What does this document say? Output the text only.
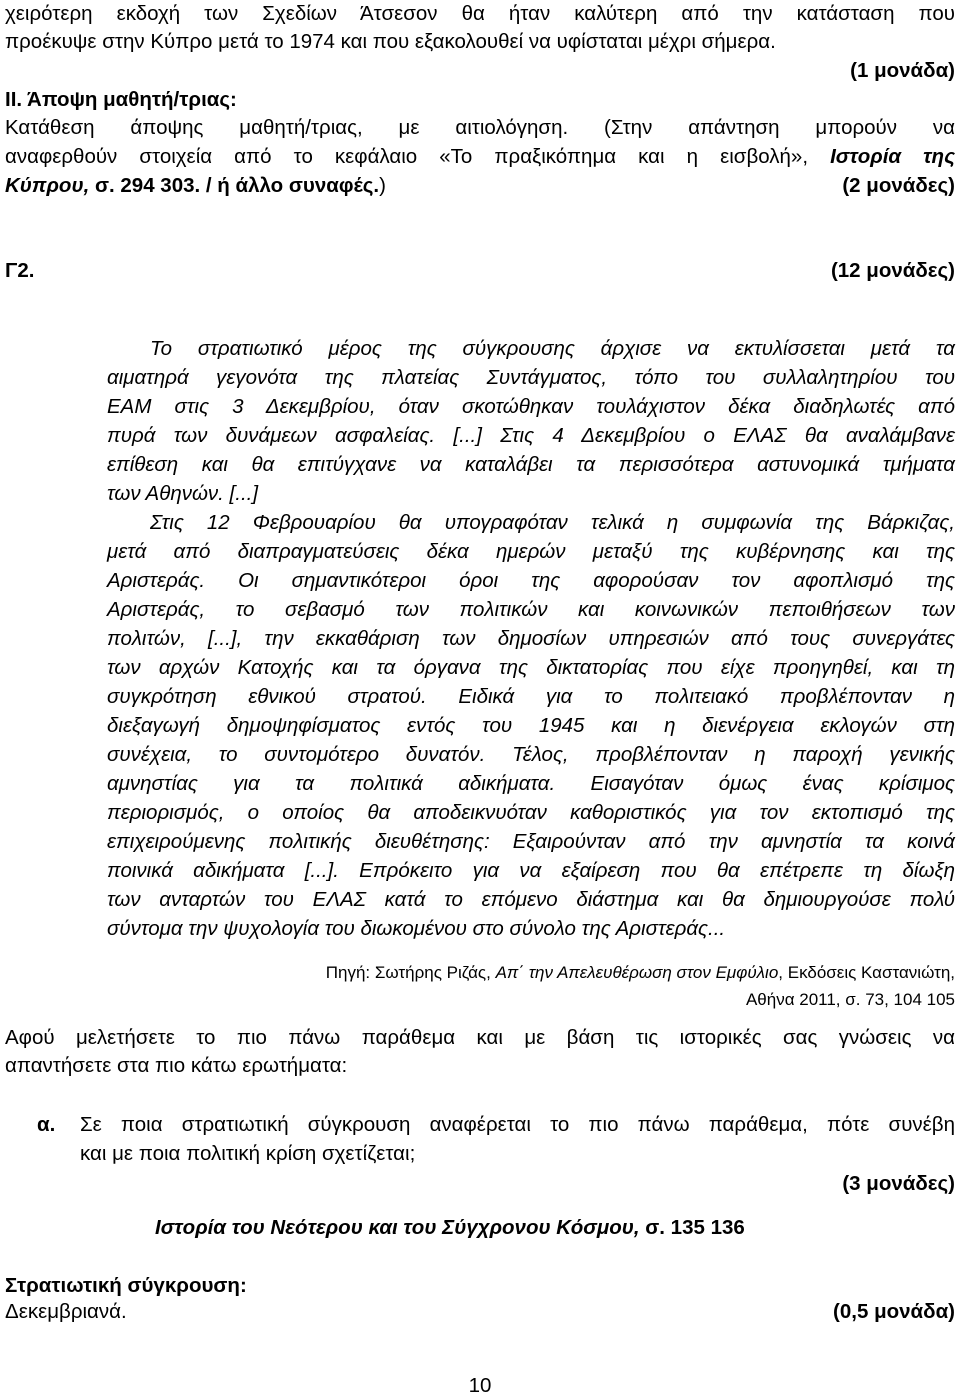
χειρότερη εκδοχή των Σχεδίων Άτσεσον θα ήταν καλύτερη από την κατάσταση που
προέκυψε στην Κύπρο μετά το 1974 και που εξακολουθεί να υφίσταται μέχρι σήμερα.
(1 μονάδα)
ΙΙ. Άποψη μαθητή/τριας:
Κατάθεση άποψης μαθητή/τριας, με αιτιολόγηση. (Στην απάντηση μπορούν να
αναφερθούν στοιχεία από το κεφάλαιο «Το πραξικόπημα και η εισβολή», Ιστορία της
Κύπρου, σ. 294 303. / ή άλλο συναφές.)	(2 μονάδες)
Γ2.	(12 μονάδες)
Το στρατιωτικό μέρος της σύγκρουσης άρχισε να εκτυλίσσεται μετά τα
αιματηρά γεγονότα της πλατείας Συντάγματος, τόπο του συλλαλητηρίου του
ΕΑΜ στις 3 Δεκεμβρίου, όταν σκοτώθηκαν τουλάχιστον δέκα διαδηλωτές από
πυρά των δυνάμεων ασφαλείας. [...] Στις 4 Δεκεμβρίου ο ΕΛΑΣ θα αναλάμβανε
επίθεση και θα επιτύγχανε να καταλάβει τα περισσότερα αστυνομικά τμήματα
των Αθηνών. [...]
Στις 12 Φεβρουαρίου θα υπογραφόταν τελικά η συμφωνία της Βάρκιζας,
μετά από διαπραγματεύσεις δέκα ημερών μεταξύ της κυβέρνησης και της
Αριστεράς. Οι σημαντικότεροι όροι της αφορούσαν τον αφοπλισμό της
Αριστεράς, το σεβασμό των πολιτικών και κοινωνικών πεποιθήσεων των
πολιτών, [...], την εκκαθάριση των δημοσίων υπηρεσιών από τους συνεργάτες
των αρχών Κατοχής και τα όργανα της δικτατορίας που είχε προηγηθεί, και τη
συγκρότηση εθνικού στρατού. Ειδικά για το πολιτειακό προβλέπονταν η
διεξαγωγή δημοψηφίσματος εντός του 1945 και η διενέργεια εκλογών στη
συνέχεια, το συντομότερο δυνατόν. Τέλος, προβλέπονταν η παροχή γενικής
αμνηστίας για τα πολιτικά αδικήματα. Εισαγόταν όμως ένας κρίσιμος
περιορισμός, ο οποίος θα αποδεικνυόταν καθοριστικός για τον εκτοπισμό της
επιχειρούμενης πολιτικής διευθέτησης: Εξαιρούνταν από την αμνηστία τα κοινά
ποινικά αδικήματα [...]. Επρόκειτο για να εξαίρεση που θα επέτρεπε τη δίωξη
των ανταρτών του ΕΛΑΣ κατά το επόμενο διάστημα και θα δημιουργούσε πολύ
σύντομα την ψυχολογία του διωκομένου στο σύνολο της Αριστεράς...
Πηγή: Σωτήρης Ριζάς, Απ΄ την Απελευθέρωση στον Εμφύλιο, Εκδόσεις Καστανιώτη,
Αθήνα 2011, σ. 73, 104 105
Αφού μελετήσετε το πιο πάνω παράθεμα και με βάση τις ιστορικές σας γνώσεις να
απαντήσετε στα πιο κάτω ερωτήματα:
α.	Σε ποια στρατιωτική σύγκρουση αναφέρεται το πιο πάνω παράθεμα, πότε συνέβη
και με ποια πολιτική κρίση σχετίζεται;
(3 μονάδες)
Ιστορία του Νεότερου και του Σύγχρονου Κόσμου, σ. 135 136
Στρατιωτική σύγκρουση:
Δεκεμβριανά.	(0,5 μονάδα)
10
